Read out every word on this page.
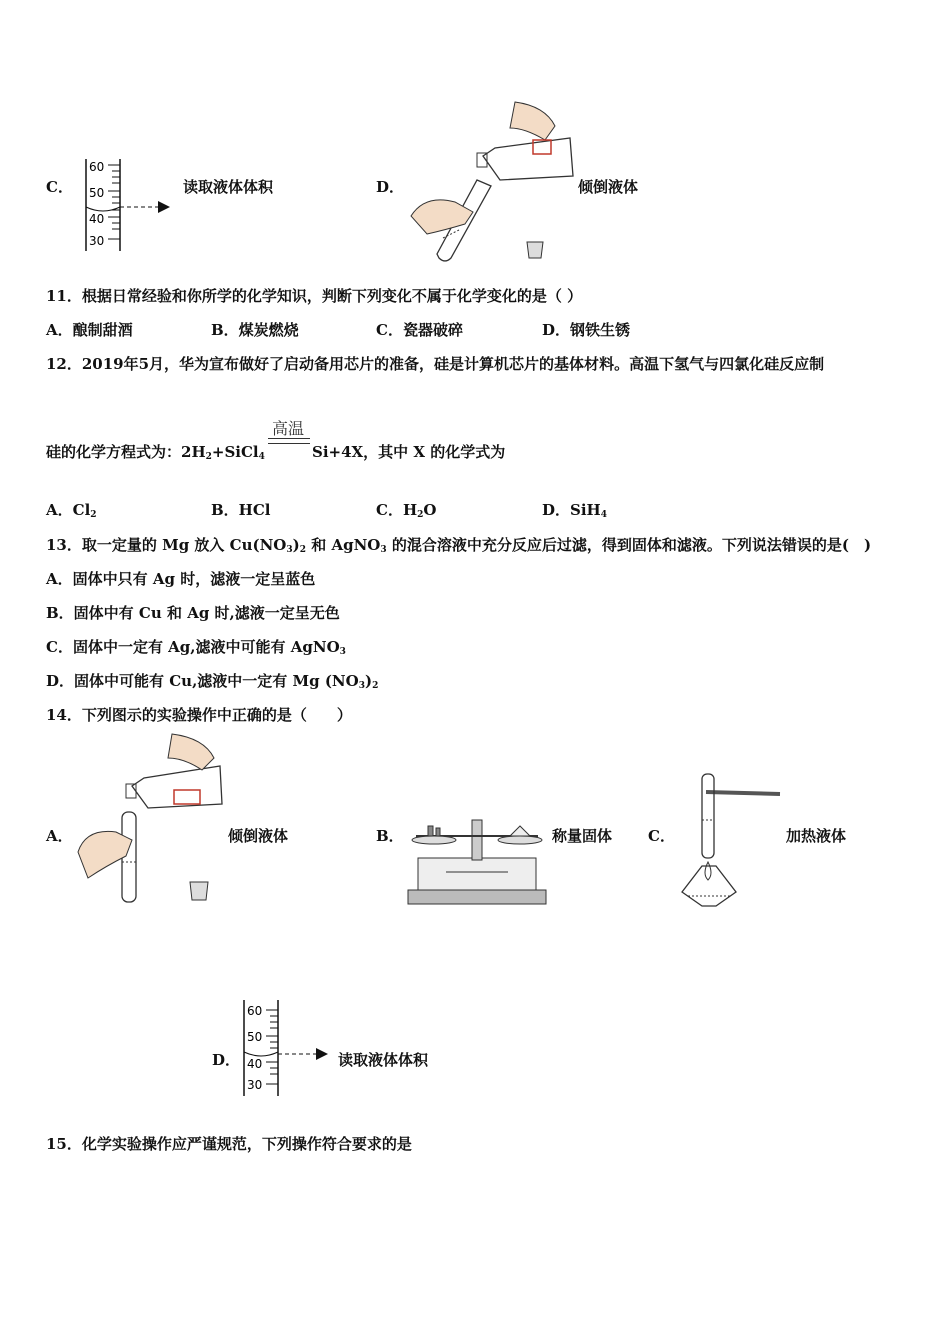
C．
60
50
40
30
读取液体体积	D．	倾倒液体
11．根据日常经验和你所学的化学知识，判断下列变化不属于化学变化的是（ ）
A．酿制甜酒	B．煤炭燃烧	C．瓷器破碎	D．钢铁生锈
12．2019年5月，华为宣布做好了启动备用芯片的准备，硅是计算机芯片的基体材料。高温下氢气与四氯化硅反应制
高温
硅的化学方程式为：$2H_2+SiCl_4$	Si+4X，其中 X 的化学式为
A．$Cl_2$	B．HCl	C．$H_2O$	D．SiH$_4$
13．取一定量的 Mg 放入 $Cu(NO_3)_2$ 和 AgNO$_3$ 的混合溶液中充分反应后过滤，得到固体和滤液。下列说法错误的是(　)
A．固体中只有 Ag 时，滤液一定呈蓝色
B．固体中有 Cu 和 Ag 时,滤液一定呈无色
C．固体中一定有 Ag,滤液中可能有 AgNO$_3$
D．固体中可能有 Cu,滤液中一定有 Mg $(NO_3)_2$
14．下列图示的实验操作中正确的是（　　）
A．	倾倒液体	B．	称量固体 C．	加热液体
D．
60
50
40
30
读取液体体积
15．化学实验操作应严谨规范，下列操作符合要求的是
